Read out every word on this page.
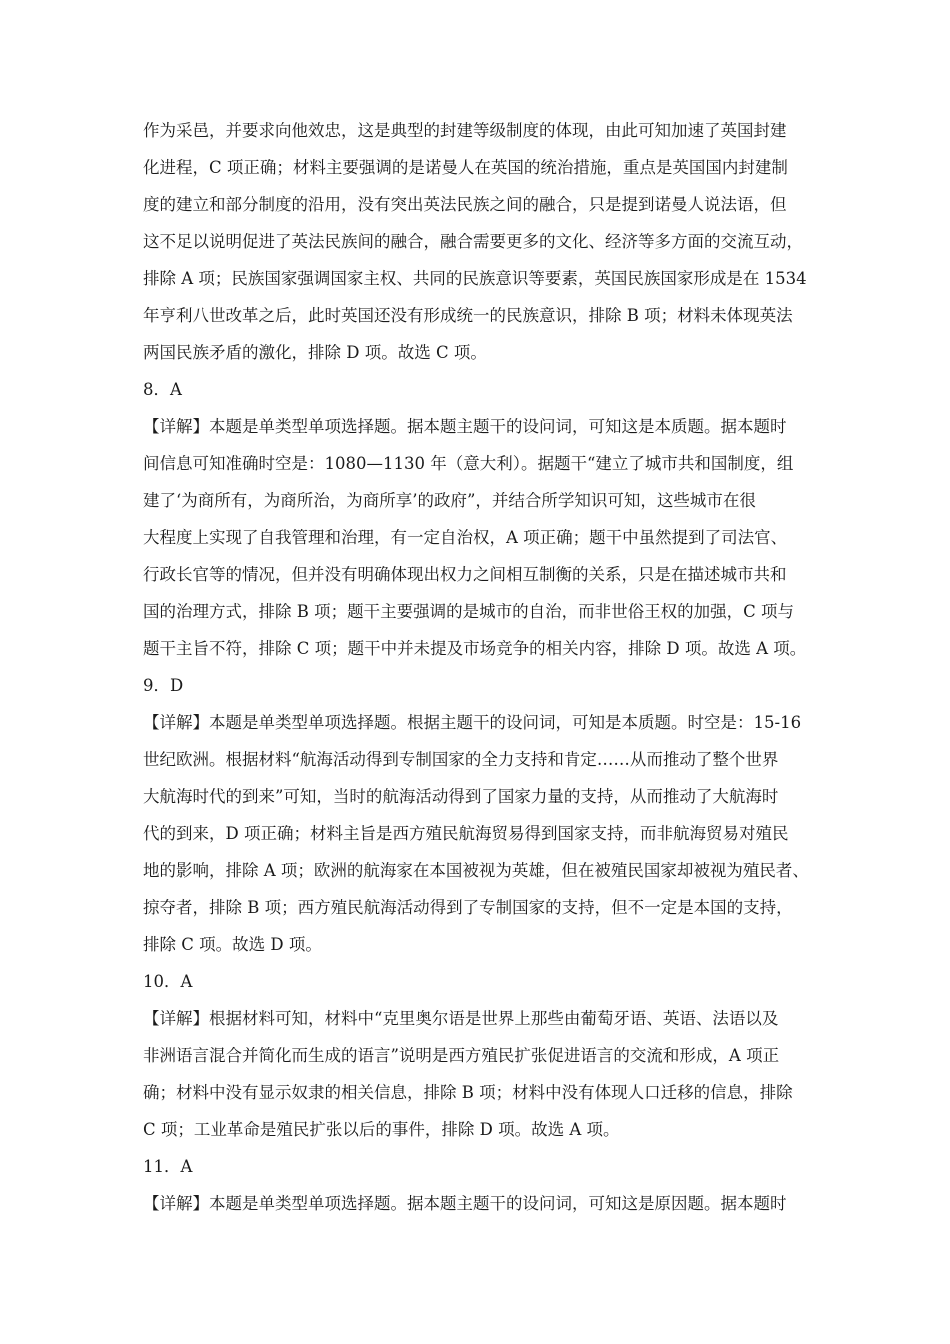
作为采邑，并要求向他效忠，这是典型的封建等级制度的体现，由此可知加速了英国封建
化进程，C 项正确；材料主要强调的是诺曼人在英国的统治措施，重点是英国国内封建制
度的建立和部分制度的沿用，没有突出英法民族之间的融合，只是提到诺曼人说法语，但
这不足以说明促进了英法民族间的融合，融合需要更多的文化、经济等多方面的交流互动，
排除 A 项；民族国家强调国家主权、共同的民族意识等要素，英国民族国家形成是在 1534
年亨利八世改革之后，此时英国还没有形成统一的民族意识，排除 B 项；材料未体现英法
两国民族矛盾的激化，排除 D 项。故选 C 项。
8．A
【详解】本题是单类型单项选择题。据本题主题干的设问词，可知这是本质题。据本题时
间信息可知准确时空是：1080—1130 年（意大利）。据题干“建立了城市共和国制度，组
建了‘为商所有，为商所治，为商所享’的政府”，并结合所学知识可知，这些城市在很
大程度上实现了自我管理和治理，有一定自治权，A 项正确；题干中虽然提到了司法官、
行政长官等的情况，但并没有明确体现出权力之间相互制衡的关系，只是在描述城市共和
国的治理方式，排除 B 项；题干主要强调的是城市的自治，而非世俗王权的加强，C 项与
题干主旨不符，排除 C 项；题干中并未提及市场竞争的相关内容，排除 D 项。故选 A 项。
9．D
【详解】本题是单类型单项选择题。根据主题干的设问词，可知是本质题。时空是：15-16
世纪欧洲。根据材料“航海活动得到专制国家的全力支持和肯定……从而推动了整个世界
大航海时代的到来”可知，当时的航海活动得到了国家力量的支持，从而推动了大航海时
代的到来，D 项正确；材料主旨是西方殖民航海贸易得到国家支持，而非航海贸易对殖民
地的影响，排除 A 项；欧洲的航海家在本国被视为英雄，但在被殖民国家却被视为殖民者、
掠夺者，排除 B 项；西方殖民航海活动得到了专制国家的支持，但不一定是本国的支持，
排除 C 项。故选 D 项。
10．A
【详解】根据材料可知，材料中“克里奥尔语是世界上那些由葡萄牙语、英语、法语以及
非洲语言混合并简化而生成的语言”说明是西方殖民扩张促进语言的交流和形成，A 项正
确；材料中没有显示奴隶的相关信息，排除 B 项；材料中没有体现人口迁移的信息，排除
C 项；工业革命是殖民扩张以后的事件，排除 D 项。故选 A 项。
11．A
【详解】本题是单类型单项选择题。据本题主题干的设问词，可知这是原因题。据本题时
